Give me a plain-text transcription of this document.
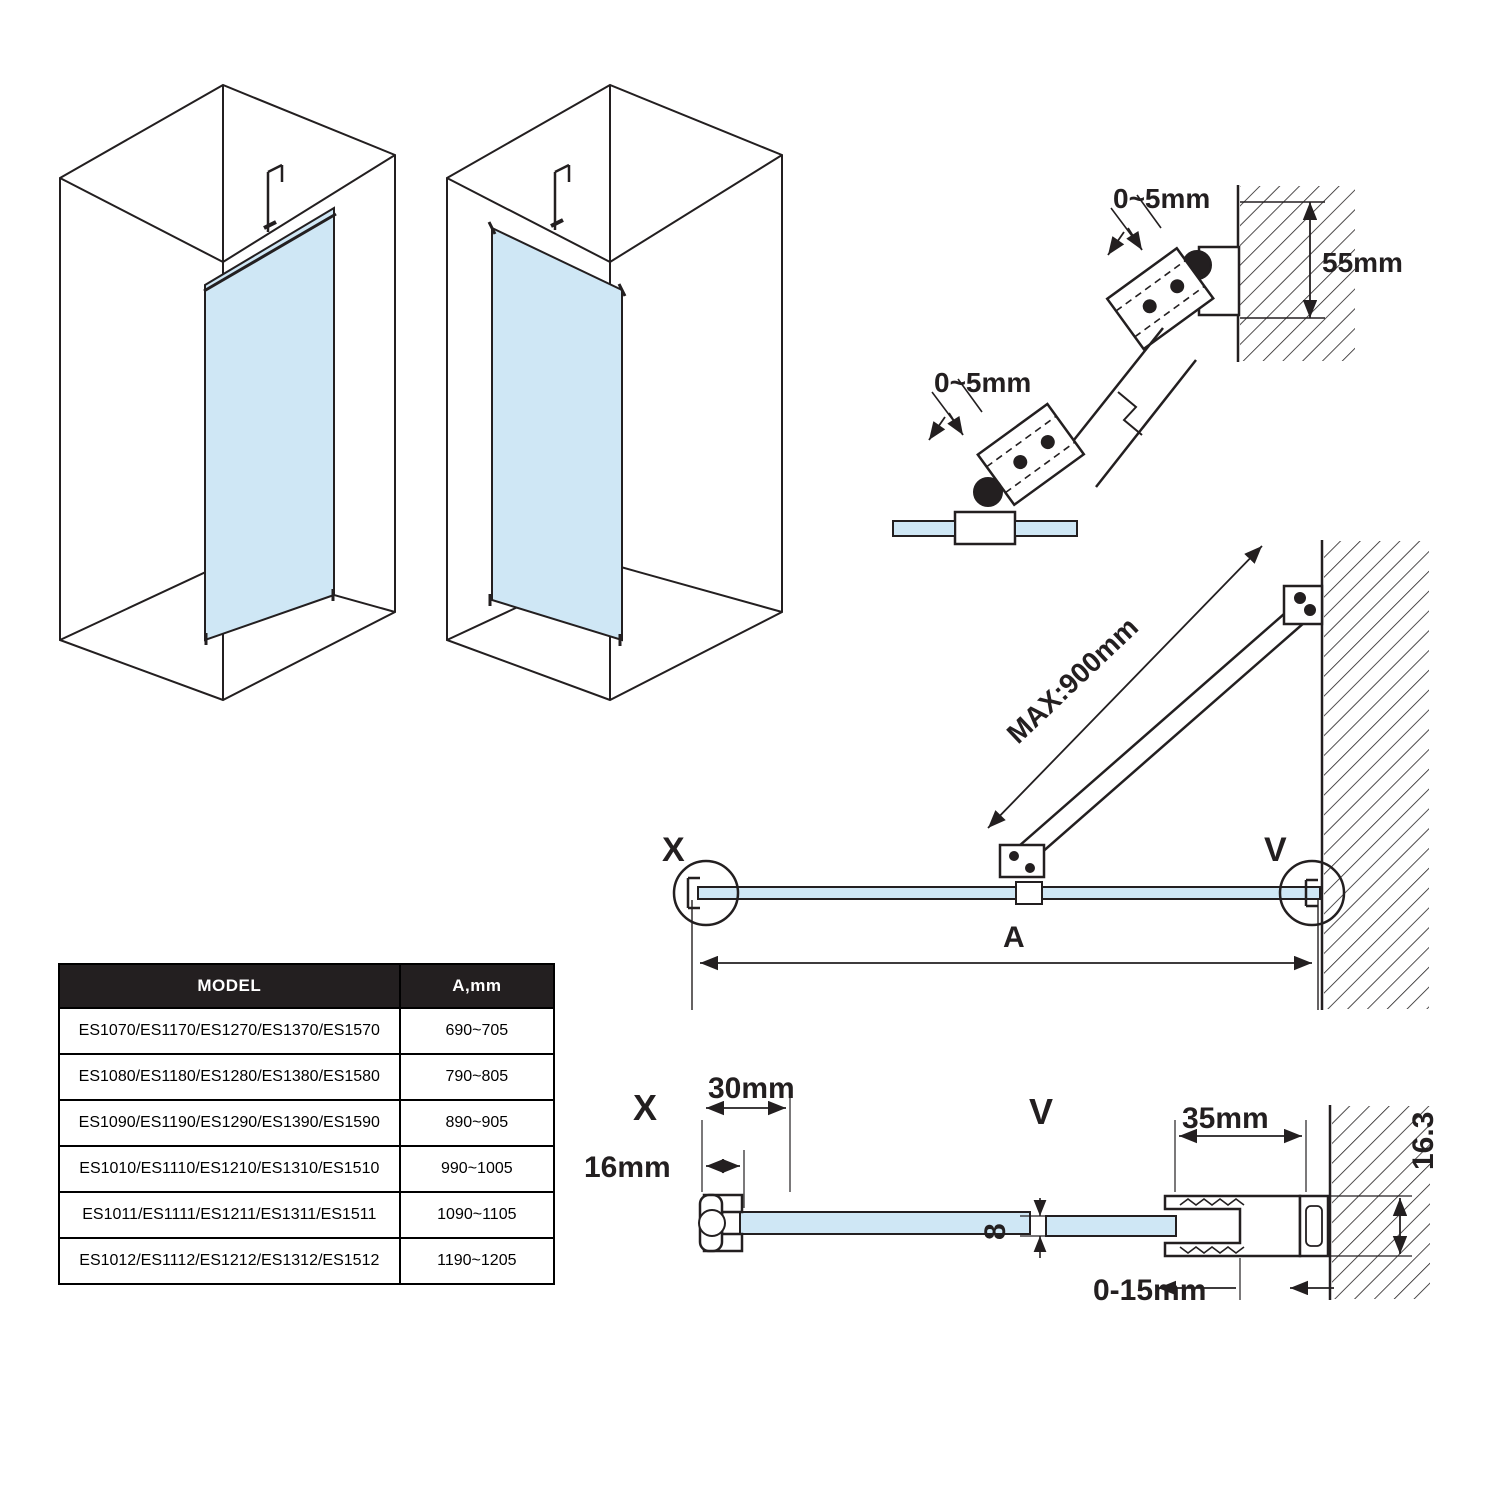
0~5mm
0~5mm
55mm
MAX:900mm
A
X	V
X 30mm
16mm
V	35mm	16.3
8
0-15mm
MODEL	A,mm
ES1070/ES1170/ES1270/ES1370/ES1570	690~705
ES1080/ES1180/ES1280/ES1380/ES1580	790~805
ES1090/ES1190/ES1290/ES1390/ES1590	890~905
ES1010/ES1110/ES1210/ES1310/ES1510	990~1005
ES1011/ES1111/ES1211/ES1311/ES1511	1090~1105
ES1012/ES1112/ES1212/ES1312/ES1512	1190~1205
